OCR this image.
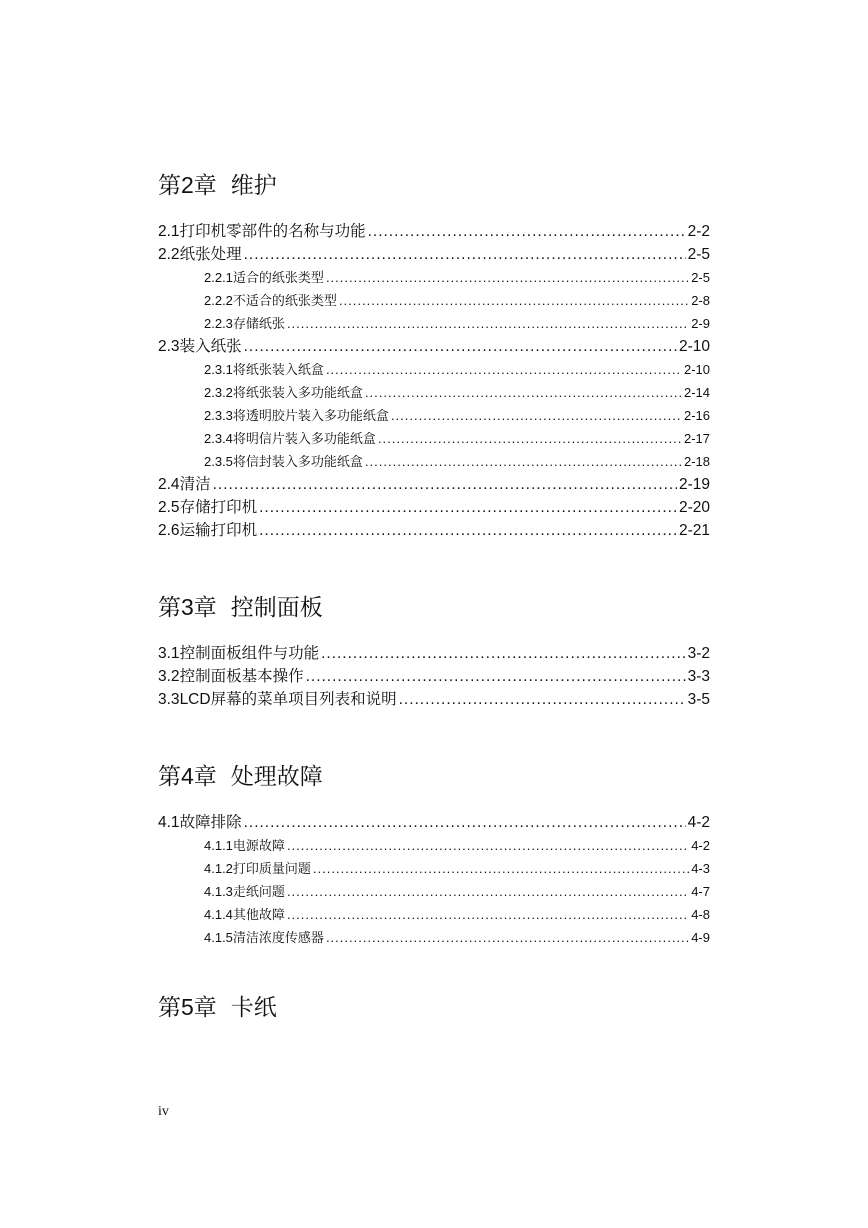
第2章 维护
2.1 打印机零部件的名称与功能 .....	2-2
2.2 纸张处理 .....	2-5
2.2.1 适合的纸张类型 .....	2-5
2.2.2 不适合的纸张类型 .....	2-8
2.2.3 存储纸张 .....	2-9
2.3 装入纸张 .....	2-10
2.3.1 将纸张装入纸盒 .....	2-10
2.3.2 将纸张装入多功能纸盒 .....	2-14
2.3.3 将透明胶片装入多功能纸盒 .....	2-16
2.3.4 将明信片装入多功能纸盒 .....	2-17
2.3.5 将信封装入多功能纸盒 .....	2-18
2.4 清洁 .....	2-19
2.5 存储打印机 .....	2-20
2.6 运输打印机 .....	2-21
第3章 控制面板
3.1 控制面板组件与功能 .....	3-2
3.2 控制面板基本操作 .....	3-3
3.3 LCD屏幕的菜单项目列表和说明 .....	3-5
第4章 处理故障
4.1 故障排除 .....	4-2
4.1.1 电源故障 .....	4-2
4.1.2 打印质量问题 .....	4-3
4.1.3 走纸问题 .....	4-7
4.1.4 其他故障 .....	4-8
4.1.5 清洁浓度传感器 .....	4-9
第5章 卡纸
iv
